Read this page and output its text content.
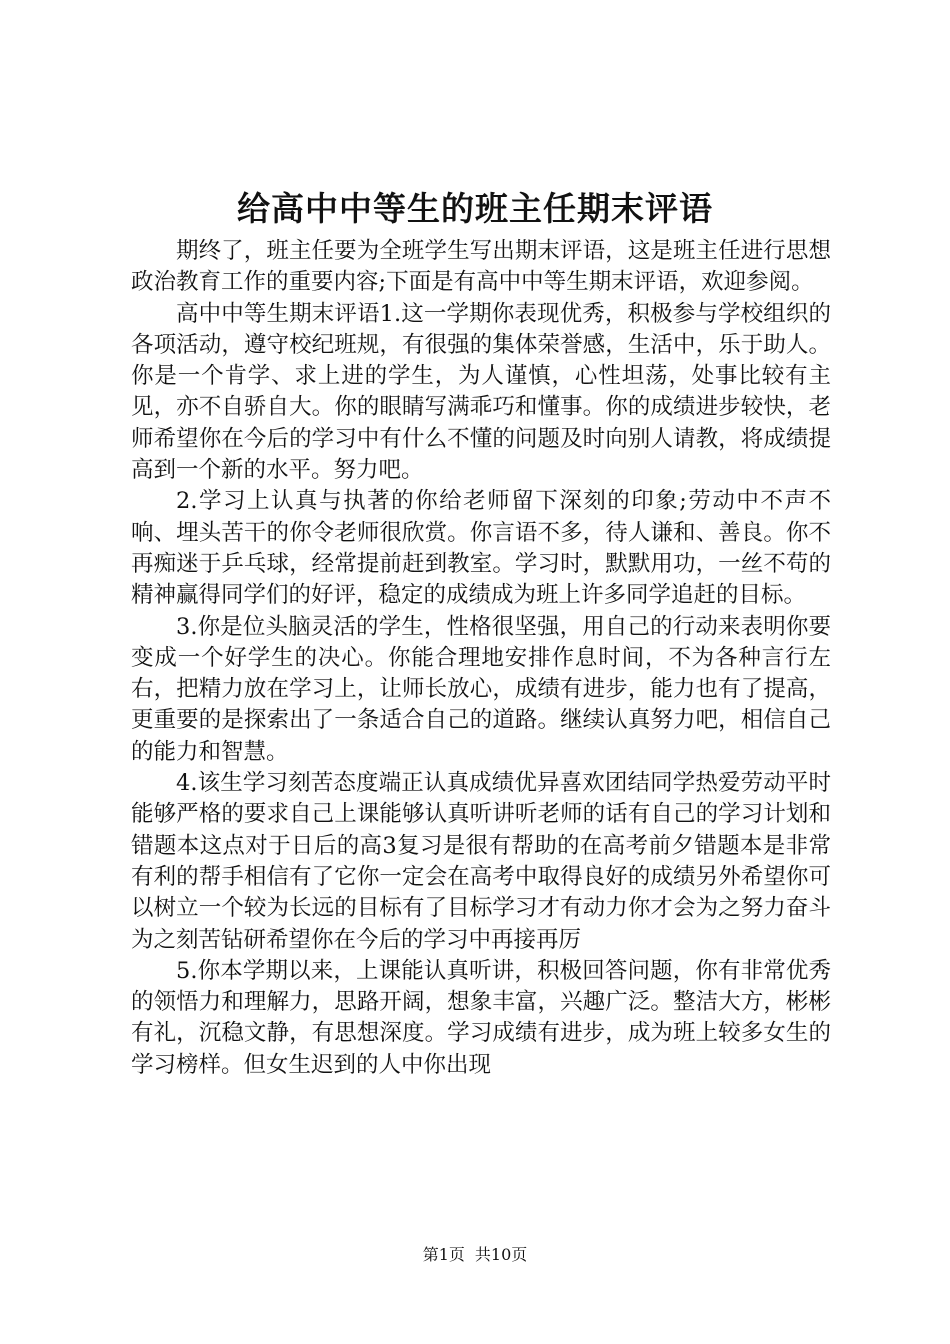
给高中中等生的班主任期末评语

期终了，班主任要为全班学生写出期末评语，这是班主任进行思想政治教育工作的重要内容;下面是有高中中等生期末评语，欢迎参阅。

高中中等生期末评语1.这一学期你表现优秀，积极参与学校组织的各项活动，遵守校纪班规，有很强的集体荣誉感，生活中，乐于助人。你是一个肯学、求上进的学生，为人谨慎，心性坦荡，处事比较有主见，亦不自骄自大。你的眼睛写满乖巧和懂事。你的成绩进步较快，老师希望你在今后的学习中有什么不懂的问题及时向别人请教，将成绩提高到一个新的水平。努力吧。

2.学习上认真与执著的你给老师留下深刻的印象;劳动中不声不响、埋头苦干的你令老师很欣赏。你言语不多，待人谦和、善良。你不再痴迷于乒乓球，经常提前赶到教室。学习时，默默用功，一丝不苟的精神赢得同学们的好评，稳定的成绩成为班上许多同学追赶的目标。

3.你是位头脑灵活的学生，性格很坚强，用自己的行动来表明你要变成一个好学生的决心。你能合理地安排作息时间，不为各种言行左右，把精力放在学习上，让师长放心，成绩有进步，能力也有了提高，更重要的是探索出了一条适合自己的道路。继续认真努力吧，相信自己的能力和智慧。

4.该生学习刻苦态度端正认真成绩优异喜欢团结同学热爱劳动平时能够严格的要求自己上课能够认真听讲听老师的话有自己的学习计划和错题本这点对于日后的高3复习是很有帮助的在高考前夕错题本是非常有利的帮手相信有了它你一定会在高考中取得良好的成绩另外希望你可以树立一个较为长远的目标有了目标学习才有动力你才会为之努力奋斗为之刻苦钻研希望你在今后的学习中再接再厉

5.你本学期以来，上课能认真听讲，积极回答问题，你有非常优秀的领悟力和理解力，思路开阔，想象丰富，兴趣广泛。整洁大方，彬彬有礼，沉稳文静，有思想深度。学习成绩有进步，成为班上较多女生的学习榜样。但女生迟到的人中你出现

第1页 共10页
